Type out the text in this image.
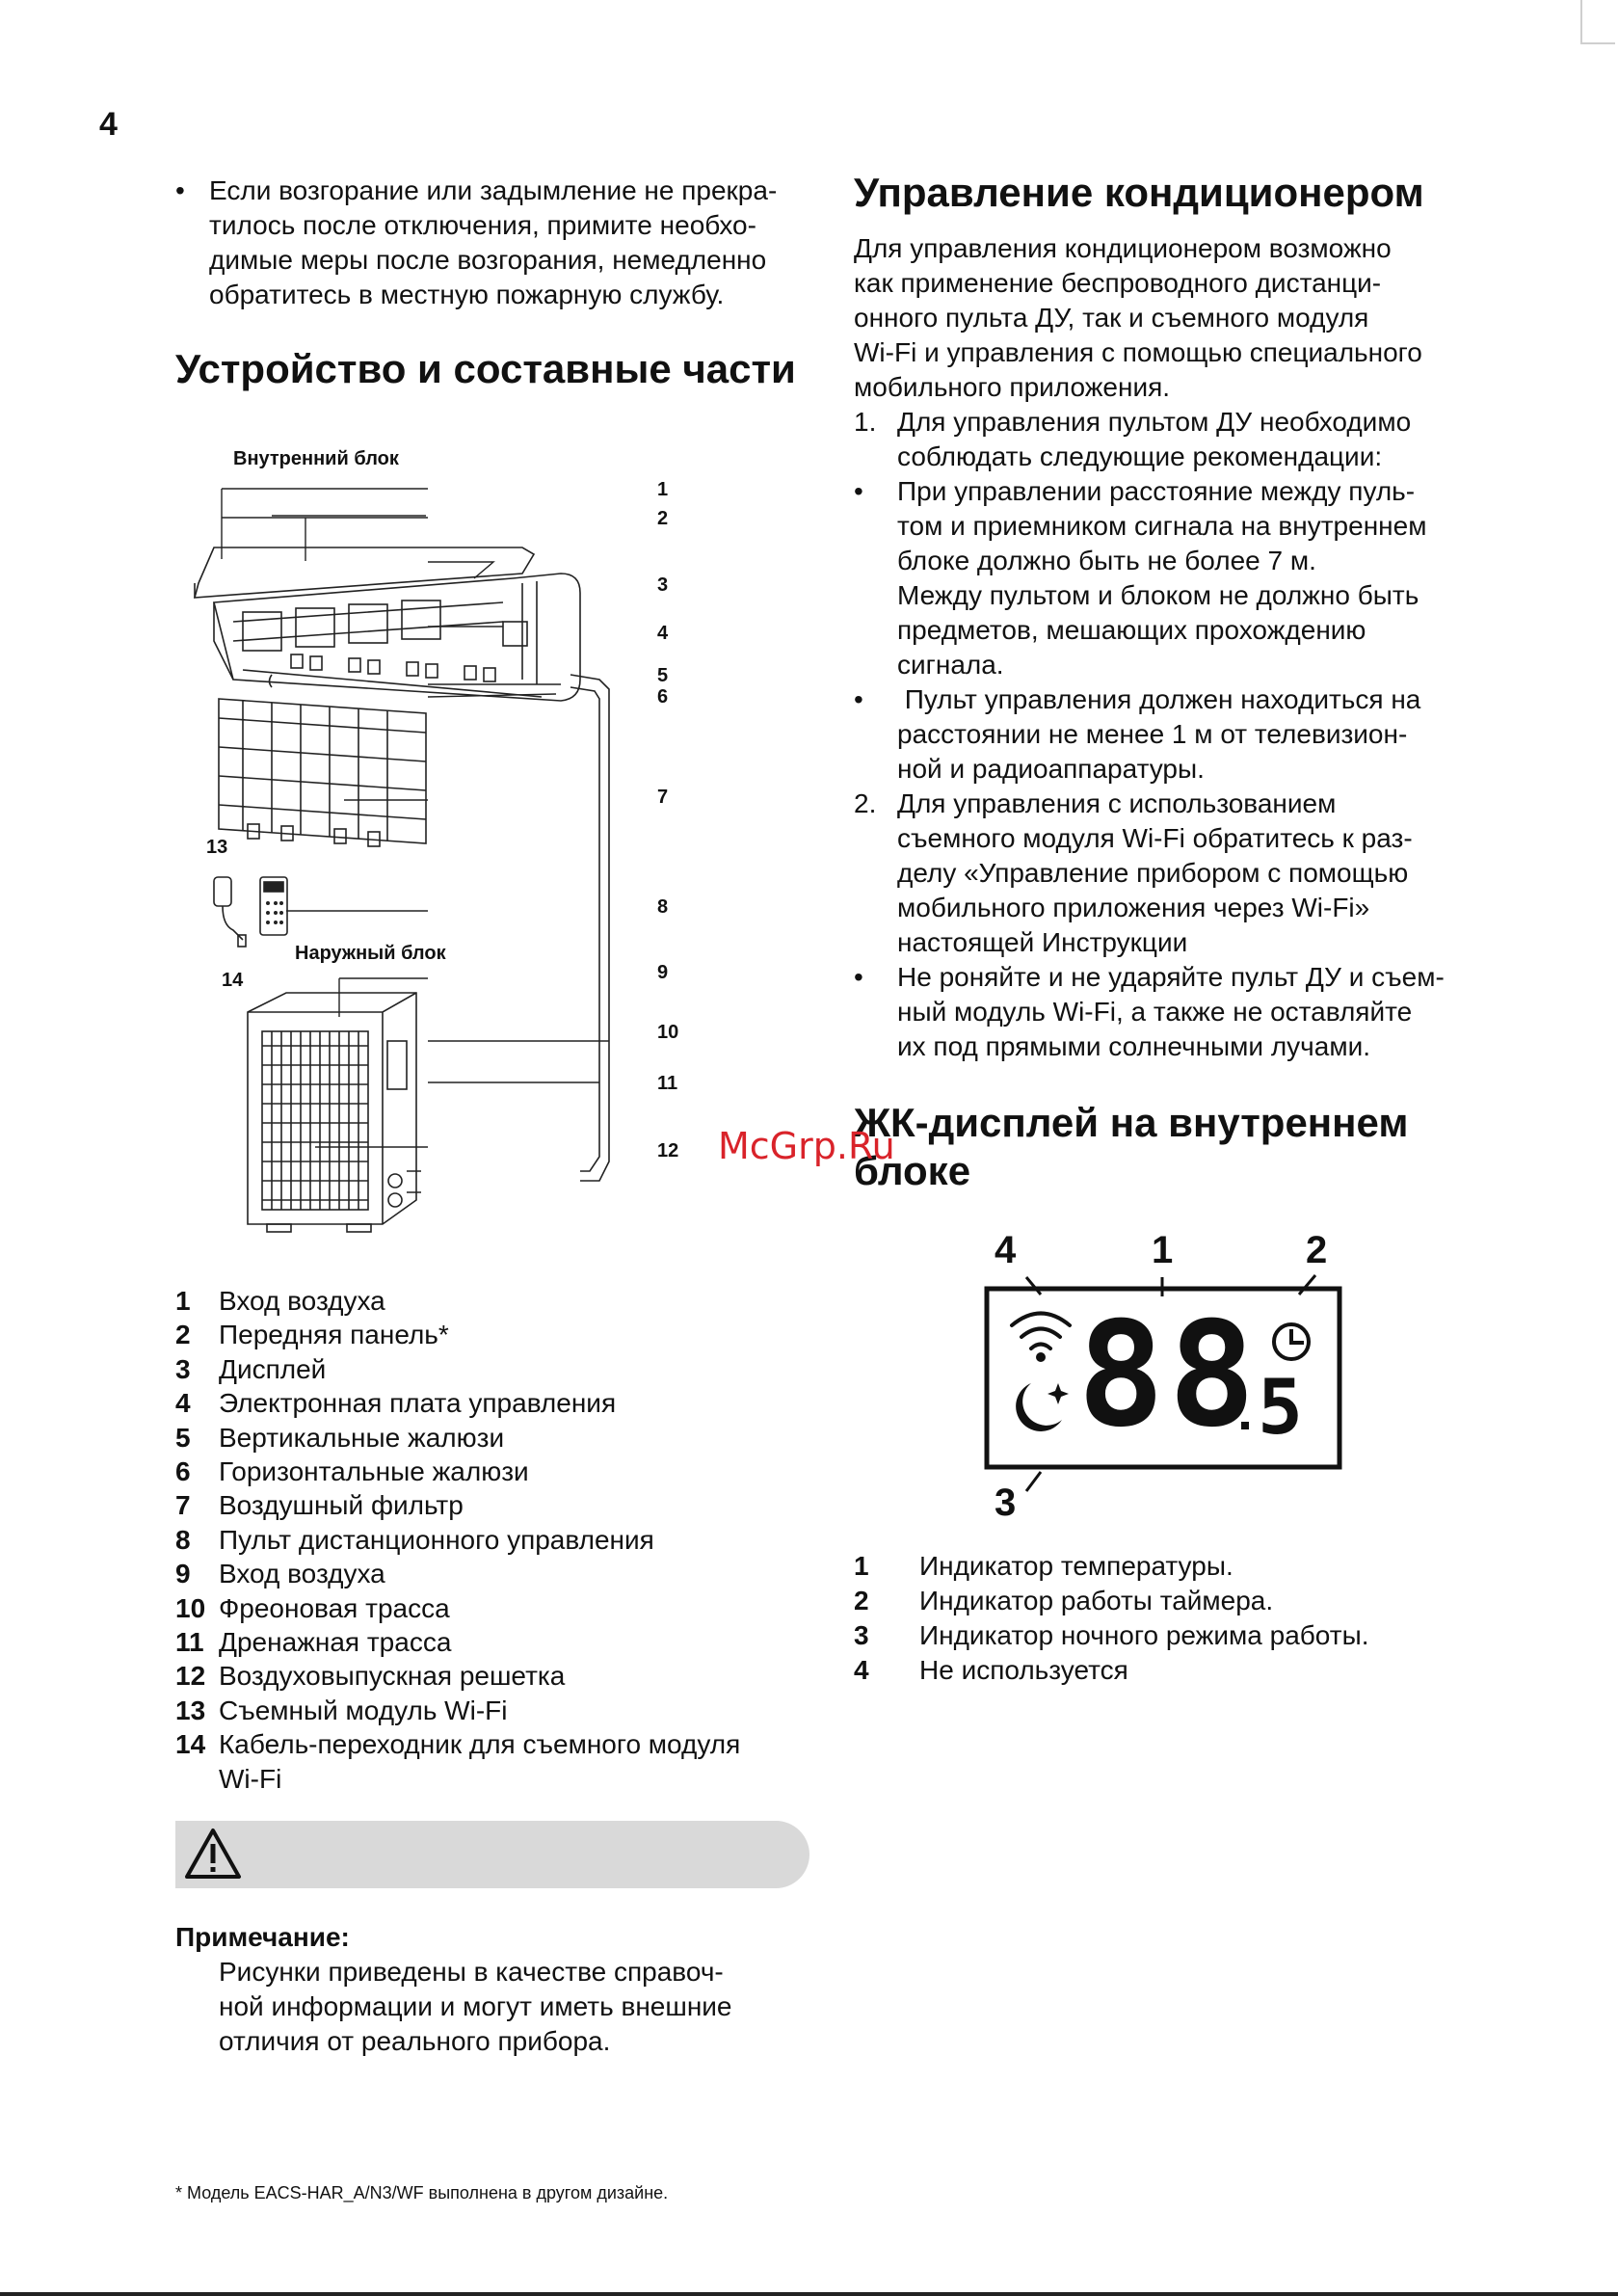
4
• Если возгорание или задымление не прекра-
тилось после отключения, примите необхо-
димые меры после возгорания, немедленно
обратитесь в местную пожарную службу.
Устройство и составные части
Внутренний блок
Наружный блок
1
2
3
4
5
6
7
8
9
10
11
12
13
14
1	Вход воздуха
2	Передняя панель*
3	Дисплей
4	Электронная плата управления
5	Вертикальные жалюзи
6	Горизонтальные жалюзи
7	Воздушный фильтр
8	Пульт дистанционного управления
9	Вход воздуха
10 Фреоновая трасса
11 Дренажная трасса
12 Воздуховыпускная решетка
13 Съемный модуль Wi-Fi
14 Кабель-переходник для съемного модуля
Wi-Fi
Примечание:
Рисунки приведены в качестве справоч-
ной информации и могут иметь внешние
отличия от реального прибора.
* Модель EACS-HAR_A/N3/WF выполнена в другом дизайне.
Управление кондиционером
Для управления кондиционером возможно
как применение беспроводного дистанци-
онного пульта ДУ, так и съемного модуля
Wi-Fi и управления с помощью специального
мобильного приложения.
1. Для управления пультом ДУ необходимо
соблюдать следующие рекомендации:
• При управлении расстояние между пуль-
том и приемником сигнала на внутреннем
блоке должно быть не более 7 м.
Между пультом и блоком не должно быть
предметов, мешающих прохождению
сигнала.
• Пульт управления должен находиться на
расстоянии не менее 1 м от телевизион-
ной и радиоаппаратуры.
2. Для управления с использованием
съемного модуля Wi-Fi обратитесь к раз-
делу «Управление прибором с помощью
мобильного приложения через Wi-Fi»
настоящей Инструкции
• Не роняйте и не ударяйте пульт ДУ и съем-
ный модуль Wi-Fi, а также не оставляйте
их под прямыми солнечными лучами.
ЖК-дисплей на внутреннем
блоке
McGrp.Ru
88
5
4	1	2
3
1	Индикатор температуры.
2	Индикатор работы таймера.
3	Индикатор ночного режима работы.
4	Не используется
